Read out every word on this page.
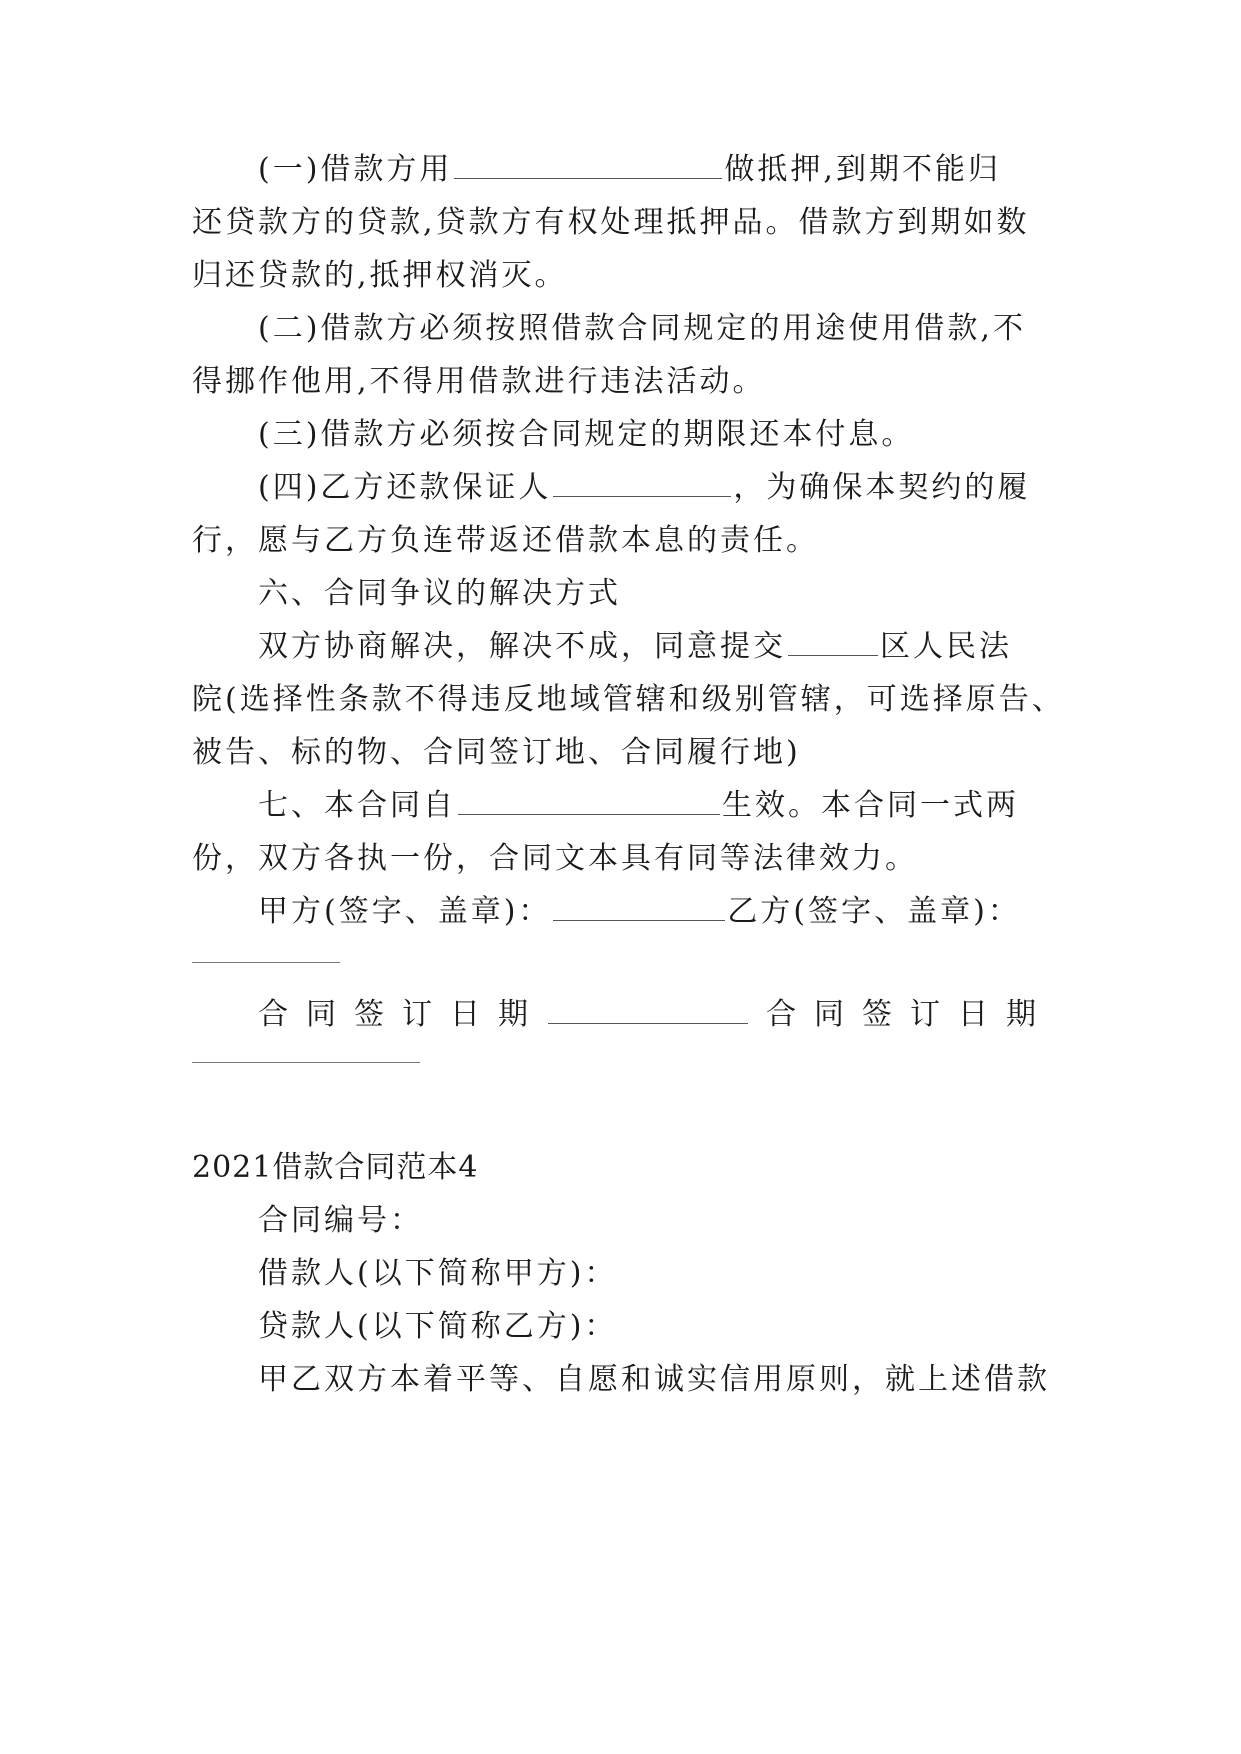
(一)借款方用	做抵押,到期不能归
还贷款方的贷款,贷款方有权处理抵押品。借款方到期如数
归还贷款的,抵押权消灭。
(二)借款方必须按照借款合同规定的用途使用借款,不
得挪作他用,不得用借款进行违法活动。
(三)借款方必须按合同规定的期限还本付息。
(四)乙方还款保证人	，为确保本契约的履
行，愿与乙方负连带返还借款本息的责任。
六、合同争议的解决方式
双方协商解决，解决不成，同意提交	区人民法
院(选择性条款不得违反地域管辖和级别管辖，可选择原告、
被告、标的物、合同签订地、合同履行地)
七、本合同自	生效。本合同一式两
份，双方各执一份，合同文本具有同等法律效力。
甲方(签字、盖章)：	乙方(签字、盖章)：
合同签订日期	合同签订日期
2021借款合同范本4
合同编号：
借款人(以下简称甲方)：
贷款人(以下简称乙方)：
甲乙双方本着平等、自愿和诚实信用原则，就上述借款
